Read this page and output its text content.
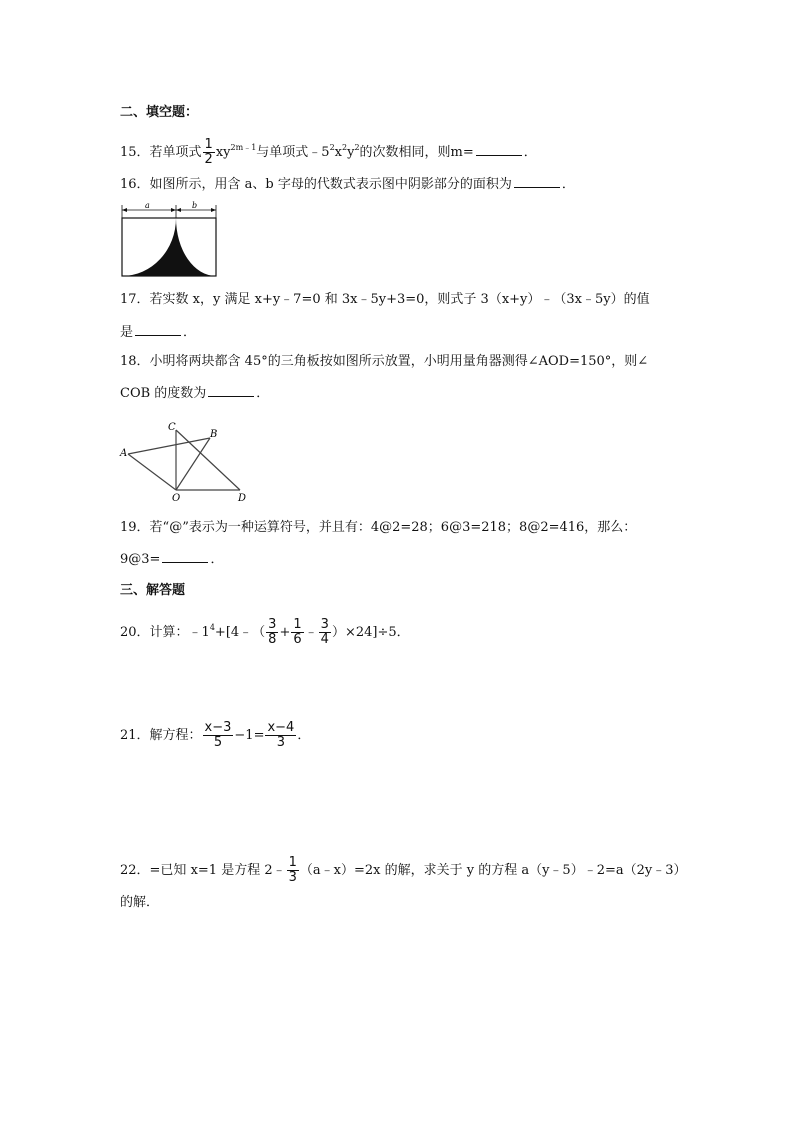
二、填空题：
15．若单项式 $\frac{1}{2} xy^{2m﹣1}$与单项式$﹣5^2x^2y^2$的次数相同，则m=	．
16．如图所示，用含 a、b 字母的代数式表示图中阴影部分的面积为	．
a	b
17．若实数 x，y 满足 x+y﹣7=0 和 3x﹣5y+3=0，则式子 3（x+y）﹣（3x﹣5y）的值
是	．
18．小明将两块都含 45°的三角板按如图所示放置，小明用量角器测得∠AOD=150°，则∠
COB 的度数为	．
A
B
C
O	D
19．若“@”表示为一种运算符号，并且有：4@2=28；6@3=218；8@2=416，那么：
9@3=	．
三、解答题
20．计算：$﹣1^4+[4﹣( \frac{3}{8} + \frac{1}{6}$ ﹣ $\frac{3}{4} )\times 24]\div 5$．
21．解方程： $\frac{x-3}{5} -1= \frac{x-4}{3}$ ．
22．=已知 x=1 是方程 2﹣ $\frac{1}{3}$ （a﹣x）=2x 的解，求关于 y 的方程 a（y﹣5）﹣2=a（2y﹣3）
的解．
